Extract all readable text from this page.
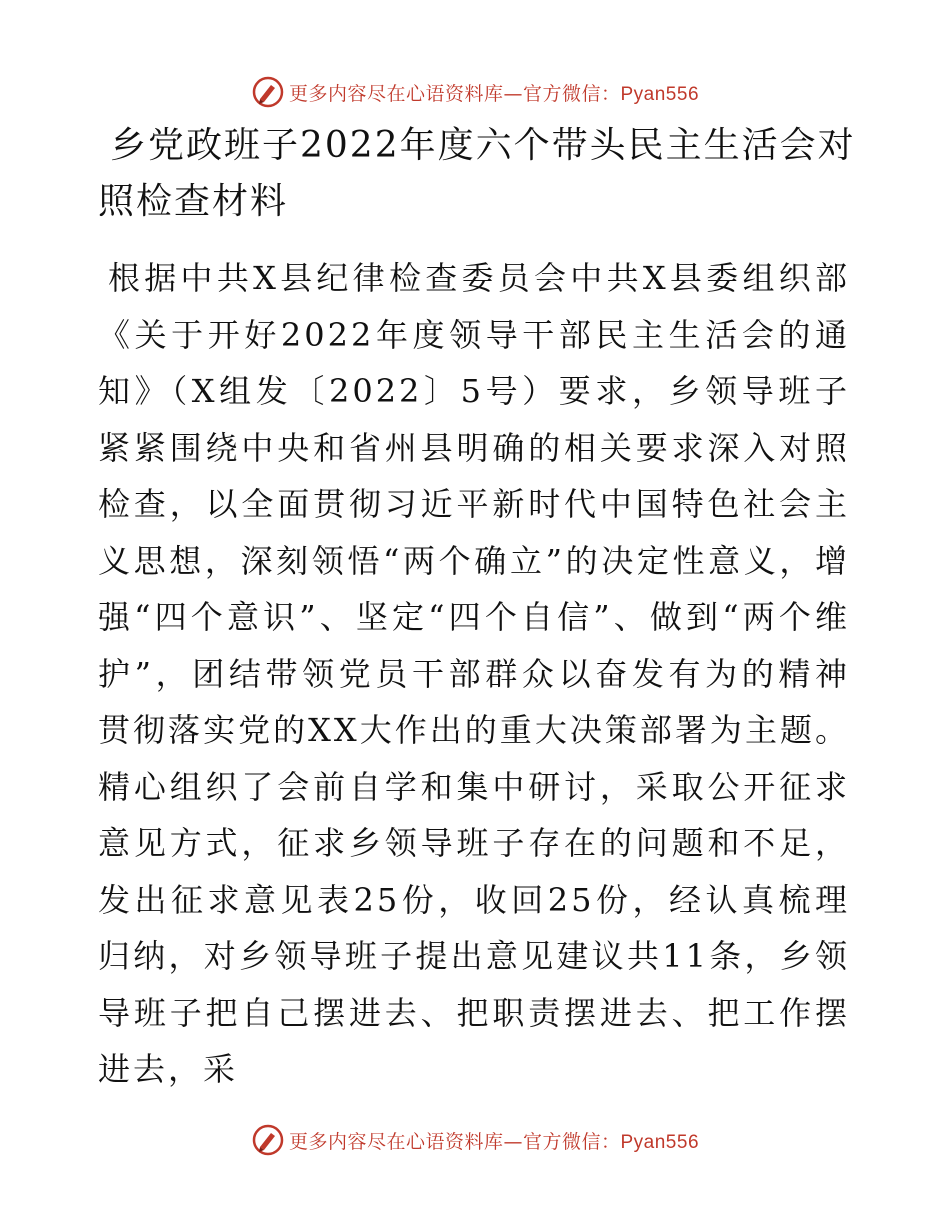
更多内容尽在心语资料库—官方微信：Pyan556
乡党政班子2022年度六个带头民主生活会对照检查材料

根据中共X县纪律检查委员会中共X县委组织部《关于开好2022年度领导干部民主生活会的通知》（X组发〔2022〕5号）要求，乡领导班子紧紧围绕中央和省州县明确的相关要求深入对照检查，以全面贯彻习近平新时代中国特色社会主义思想，深刻领悟“两个确立”的决定性意义，增强“四个意识”、坚定“四个自信”、做到“两个维护”，团结带领党员干部群众以奋发有为的精神贯彻落实党的XX大作出的重大决策部署为主题。精心组织了会前自学和集中研讨，采取公开征求意见方式，征求乡领导班子存在的问题和不足，发出征求意见表25份，收回25份，经认真梳理归纳，对乡领导班子提出意见建议共11条，乡领导班子把自己摆进去、把职责摆进去、把工作摆进去，采

更多内容尽在心语资料库—官方微信：Pyan556
